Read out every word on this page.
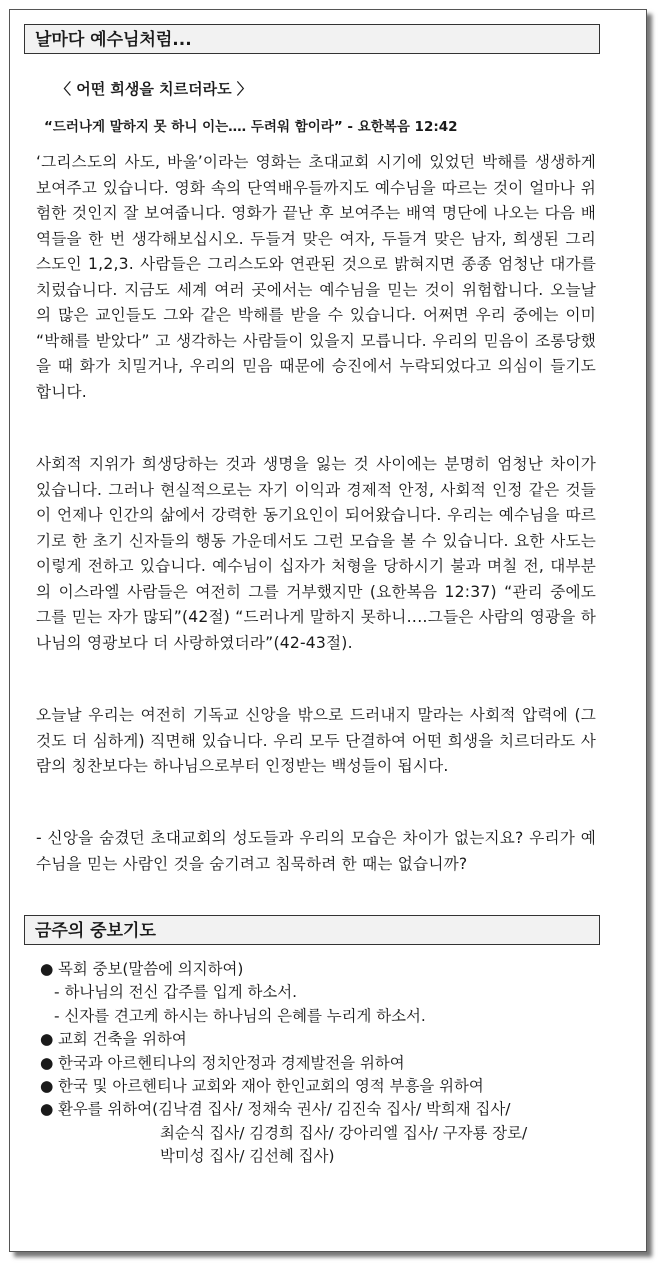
날마다 예수님처럼...
〈 어떤 희생을 치르더라도 〉
“드러나게 말하지 못 하니 이는‥‥ 두려워 함이라” - 요한복음 12:42
‘그리스도의 사도, 바울’이라는 영화는 초대교회 시기에 있었던 박해를 생생하게 보여주고 있습니다. 영화 속의 단역배우들까지도 예수님을 따르는 것이 얼마나 위험한 것인지 잘 보여줍니다. 영화가 끝난 후 보여주는 배역 명단에 나오는 다음 배역들을 한 번 생각해보십시오. 두들겨 맞은 여자, 두들겨 맞은 남자, 희생된 그리스도인 1,2,3. 사람들은 그리스도와 연관된 것으로 밝혀지면 종종 엄청난 대가를 치렀습니다. 지금도 세계 여러 곳에서는 예수님을 믿는 것이 위험합니다. 오늘날의 많은 교인들도 그와 같은 박해를 받을 수 있습니다. 어쩌면 우리 중에는 이미 “박해를 받았다” 고 생각하는 사람들이 있을지 모릅니다. 우리의 믿음이 조롱당했을 때 화가 치밀거나, 우리의 믿음 때문에 승진에서 누락되었다고 의심이 들기도 합니다.
사회적 지위가 희생당하는 것과 생명을 잃는 것 사이에는 분명히 엄청난 차이가 있습니다. 그러나 현실적으로는 자기 이익과 경제적 안정, 사회적 인정 같은 것들이 언제나 인간의 삶에서 강력한 동기요인이 되어왔습니다. 우리는 예수님을 따르기로 한 초기 신자들의 행동 가운데서도 그런 모습을 볼 수 있습니다. 요한 사도는 이렇게 전하고 있습니다. 예수님이 십자가 처형을 당하시기 불과 며칠 전, 대부분의 이스라엘 사람들은 여전히 그를 거부했지만 (요한복음 12:37) “관리 중에도 그를 믿는 자가 많되”(42절) “드러나게 말하지 못하니‥‥그들은 사람의 영광을 하나님의 영광보다 더 사랑하였더라”(42-43절).
오늘날 우리는 여전히 기독교 신앙을 밖으로 드러내지 말라는 사회적 압력에 (그것도 더 심하게) 직면해 있습니다. 우리 모두 단결하여 어떤 희생을 치르더라도 사람의 칭찬보다는 하나님으로부터 인정받는 백성들이 됩시다.
- 신앙을 숨겼던 초대교회의 성도들과 우리의 모습은 차이가 없는지요? 우리가 예수님을 믿는 사람인 것을 숨기려고 침묵하려 한 때는 없습니까?
금주의 중보기도
● 목회 중보(말씀에 의지하여)
- 하나님의 전신 갑주를 입게 하소서.
- 신자를 견고케 하시는 하나님의 은혜를 누리게 하소서.
● 교회 건축을 위하여
● 한국과 아르헨티나의 정치안정과 경제발전을 위하여
● 한국 및 아르헨티나 교회와 재아 한인교회의 영적 부흥을 위하여
● 환우를 위하여(김낙겸 집사/ 정채숙 권사/ 김진숙 집사/ 박희재 집사/
최순식 집사/ 김경희 집사/ 강아리엘 집사/ 구자룡 장로/
박미성 집사/ 김선혜 집사)
